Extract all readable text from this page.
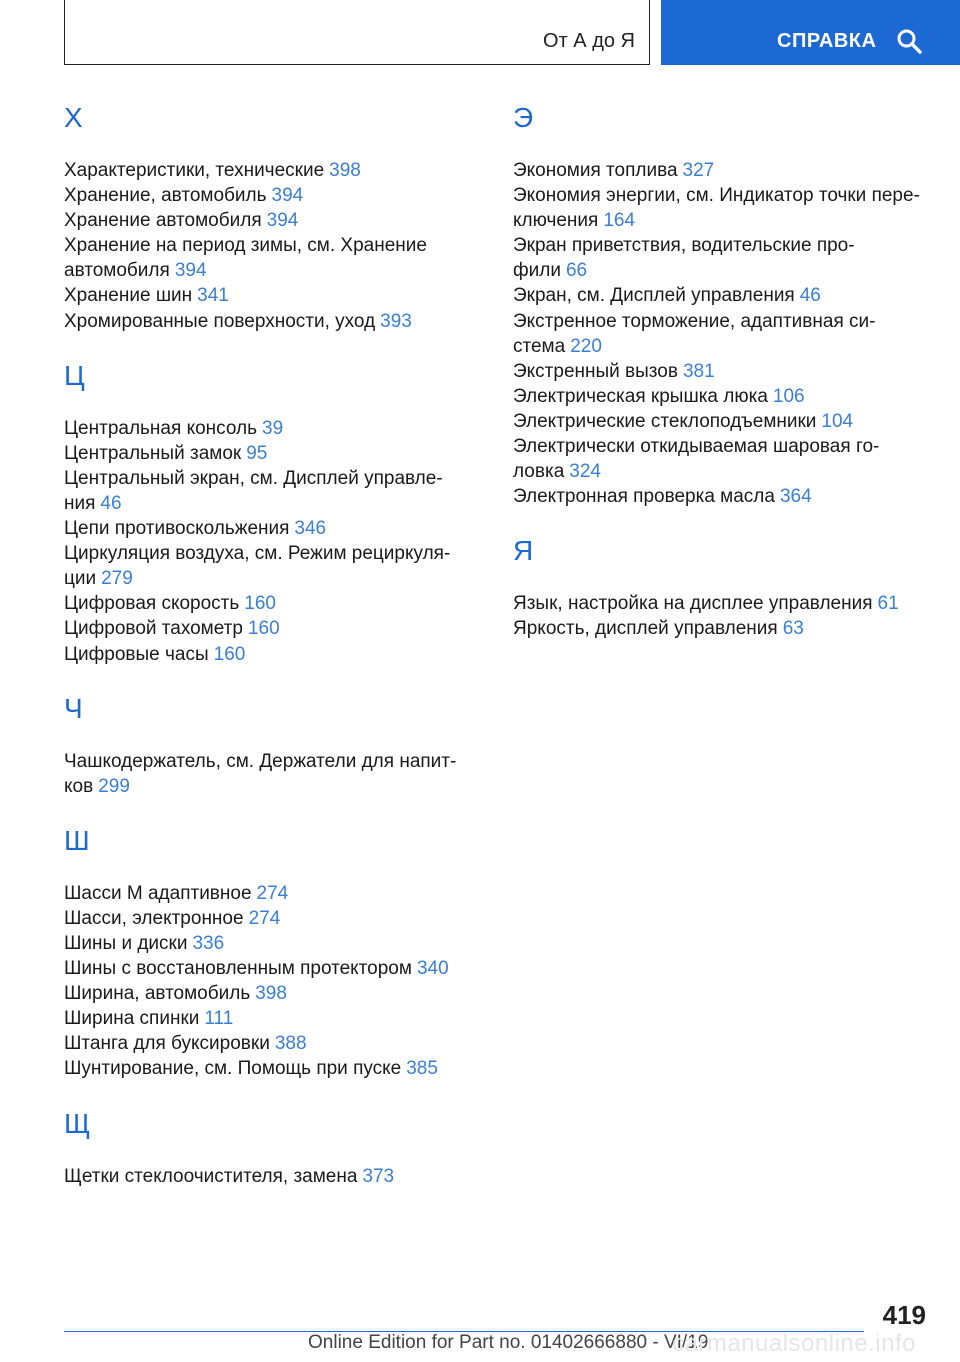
От А до Я	СПРАВКА
Х
Характеристики, технические 398
Хранение, автомобиль 394
Хранение автомобиля 394
Хранение на период зимы, см. Хранение
автомобиля 394
Хранение шин 341
Хромированные поверхности, уход 393
Ц
Центральная консоль 39
Центральный замок 95
Центральный экран, см. Дисплей управле-
ния 46
Цепи противоскольжения 346
Циркуляция воздуха, см. Режим рециркуля-
ции 279
Цифровая скорость 160
Цифровой тахометр 160
Цифровые часы 160
Ч
Чашкодержатель, см. Держатели для напит-
ков 299
Ш
Шасси M адаптивное 274
Шасси, электронное 274
Шины и диски 336
Шины с восстановленным протектором 340
Ширина, автомобиль 398
Ширина спинки 111
Штанга для буксировки 388
Шунтирование, см. Помощь при пуске 385
Щ
Щетки стеклоочистителя, замена 373
Э
Экономия топлива 327
Экономия энергии, см. Индикатор точки пере-
ключения 164
Экран приветствия, водительские про-
фили 66
Экран, см. Дисплей управления 46
Экстренное торможение, адаптивная си-
стема 220
Экстренный вызов 381
Электрическая крышка люка 106
Электрические стеклоподъемники 104
Электрически откидываемая шаровая го-
ловка 324
Электронная проверка масла 364
Я
Язык, настройка на дисплее управления 61
Яркость, дисплей управления 63
419
Online Edition for Part no. 01402666880 - VI/19
carmanualsonline.info
